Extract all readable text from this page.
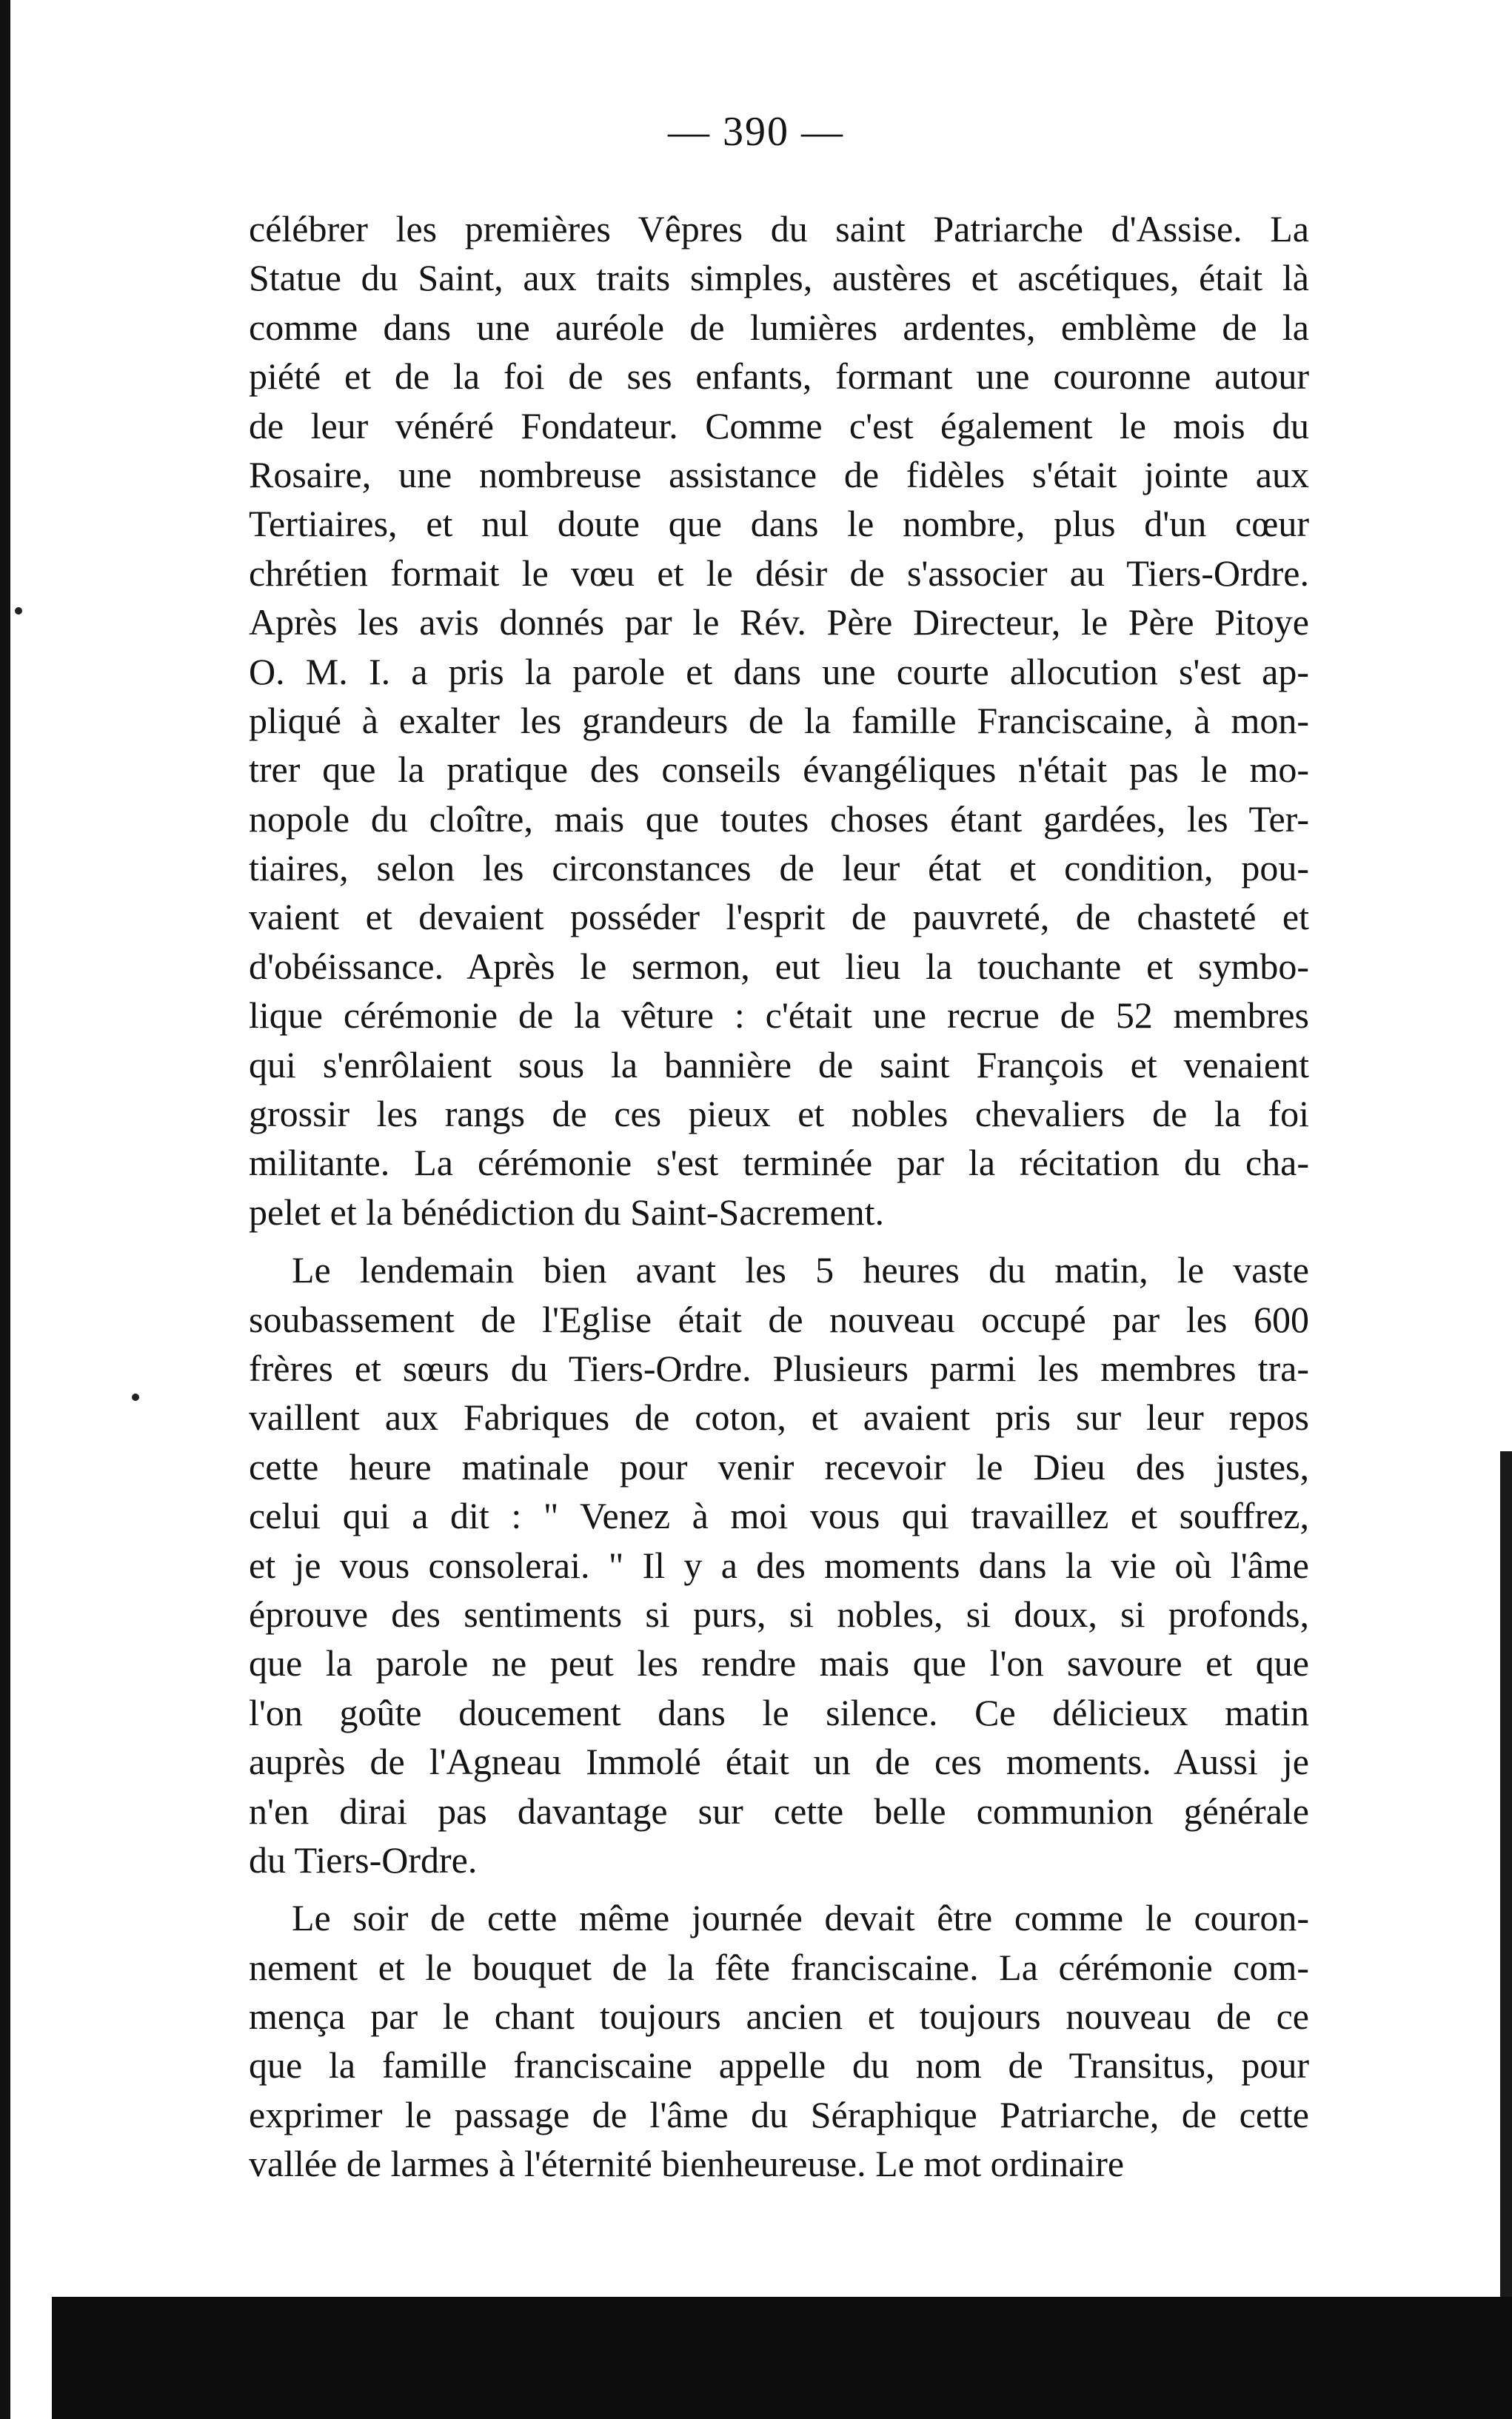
— 390 —
célébrer les premières Vêpres du saint Patriarche d'Assise. La
Statue du Saint, aux traits simples, austères et ascétiques, était là
comme dans une auréole de lumières ardentes, emblème de la
piété et de la foi de ses enfants, formant une couronne autour
de leur vénéré Fondateur. Comme c'est également le mois du
Rosaire, une nombreuse assistance de fidèles s'était jointe aux
Tertiaires, et nul doute que dans le nombre, plus d'un cœur
chrétien formait le vœu et le désir de s'associer au Tiers-Ordre.
Après les avis donnés par le Rév. Père Directeur, le Père Pitoye
O. M. I. a pris la parole et dans une courte allocution s'est ap-
pliqué à exalter les grandeurs de la famille Franciscaine, à mon-
trer que la pratique des conseils évangéliques n'était pas le mo-
nopole du cloître, mais que toutes choses étant gardées, les Ter-
tiaires, selon les circonstances de leur état et condition, pou-
vaient et devaient posséder l'esprit de pauvreté, de chasteté et
d'obéissance. Après le sermon, eut lieu la touchante et symbo-
lique cérémonie de la vêture : c'était une recrue de 52 membres
qui s'enrôlaient sous la bannière de saint François et venaient
grossir les rangs de ces pieux et nobles chevaliers de la foi
militante. La cérémonie s'est terminée par la récitation du cha-
pelet et la bénédiction du Saint-Sacrement.
Le lendemain bien avant les 5 heures du matin, le vaste
soubassement de l'Eglise était de nouveau occupé par les 600
frères et sœurs du Tiers-Ordre. Plusieurs parmi les membres tra-
vaillent aux Fabriques de coton, et avaient pris sur leur repos
cette heure matinale pour venir recevoir le Dieu des justes,
celui qui a dit : " Venez à moi vous qui travaillez et souffrez,
et je vous consolerai. " Il y a des moments dans la vie où l'âme
éprouve des sentiments si purs, si nobles, si doux, si profonds,
que la parole ne peut les rendre mais que l'on savoure et que
l'on goûte doucement dans le silence. Ce délicieux matin
auprès de l'Agneau Immolé était un de ces moments. Aussi je
n'en dirai pas davantage sur cette belle communion générale
du Tiers-Ordre.
Le soir de cette même journée devait être comme le couron-
nement et le bouquet de la fête franciscaine. La cérémonie com-
mença par le chant toujours ancien et toujours nouveau de ce
que la famille franciscaine appelle du nom de Transitus, pour
exprimer le passage de l'âme du Séraphique Patriarche, de cette
vallée de larmes à l'éternité bienheureuse. Le mot ordinaire
